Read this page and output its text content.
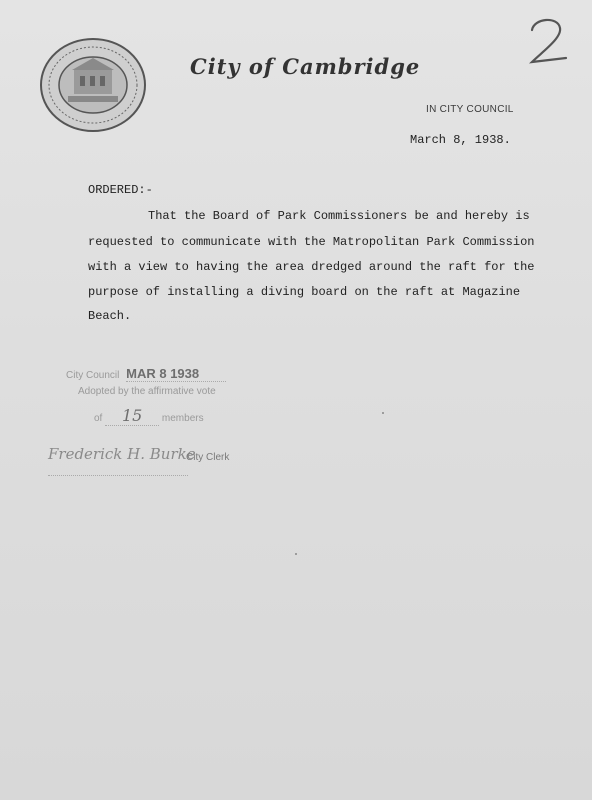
City of Cambridge
IN CITY COUNCIL
March 8, 1938.
ORDERED:-
That the Board of Park Commissioners be and hereby is
requested to communicate with the Matropolitan Park Commission
with a view to having the area dredged around the raft for the
purpose of installing a diving board on the raft at Magazine
Beach.
City Council MAR 8 1938
Adopted by the affirmative vote
of 15 members
Frederick H. Burke
City Clerk
